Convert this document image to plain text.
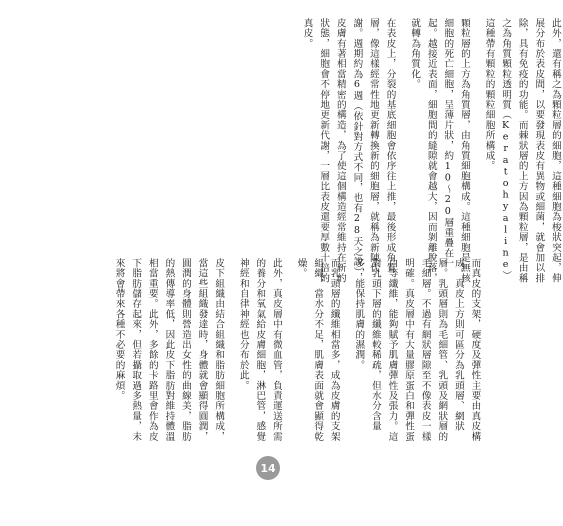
此外，還有稱之為顆粒層的細胞，這種細胞為梭狀突起，伸展分布於表皮間，以要發現表皮有異物或細菌，就會加以排除，具有免疫的功能。而棘狀層的上方因為顆粒層，是由稱之為角質顆粒透明質（Keratohyaline）這種帶有顆粒的顆粒細胞所構成。

顆粒層的上方為角質層，由角質細胞構成。這種細胞是無核細胞的死亡細胞，呈薄片狀，約10～20層重疊在一起。越接近表面，細胞間的縫隙就會越大，因而剝離脫落，就轉為角質化。

在表皮上，分裂的基底細胞會依序往上推，最後形成角質層，像這樣經常性地更新轉換新的細胞層，就稱為新陳代謝。週期約為6週（依針對方式不同，也有28天之說），皮膚有著相當精密的構造，為了使這個構造經常維持在新的狀態，細胞會不停地更新代謝，一層比表皮還要厚數十倍的真皮。

而真皮的支架，硬度及彈性主要由真皮構成。真皮上方則可區分為乳頭層、網狀層。乳頭層則為毛細管、乳頭及網狀層的毛細層。不過有網狀層隙至不像表皮一樣明確。真皮層中有大量膠原蛋白和彈性蛋白等纖維，能夠賦予肌膚彈性及張力。這對乳頭下層的纖維較稀疏，但水分含量多，能保持肌膚的濕潤。

而乳頭層的纖維相當多，成為皮膚的支架組織，當水分不足，肌膚表面就會顯得乾燥。

此外，真皮層中有微血管，負責運送所需的養分和氧氣給皮膚細胞，淋巴管，感覺神經和自律神經也分布於此。

皮下組織由結合組織和脂肪細胞所構成，當這些組織發達時，身體就會顯得圓潤，圓潤的身體則營造出女性的曲線美，脂肪的熱傳導率低，因此皮下脂肪對維持體溫相當重要。此外，多餘的卡路里會作為皮下脂肪儲存起來，但若攝取過多熱量，未來將會帶來各種不必要的麻煩。

14
